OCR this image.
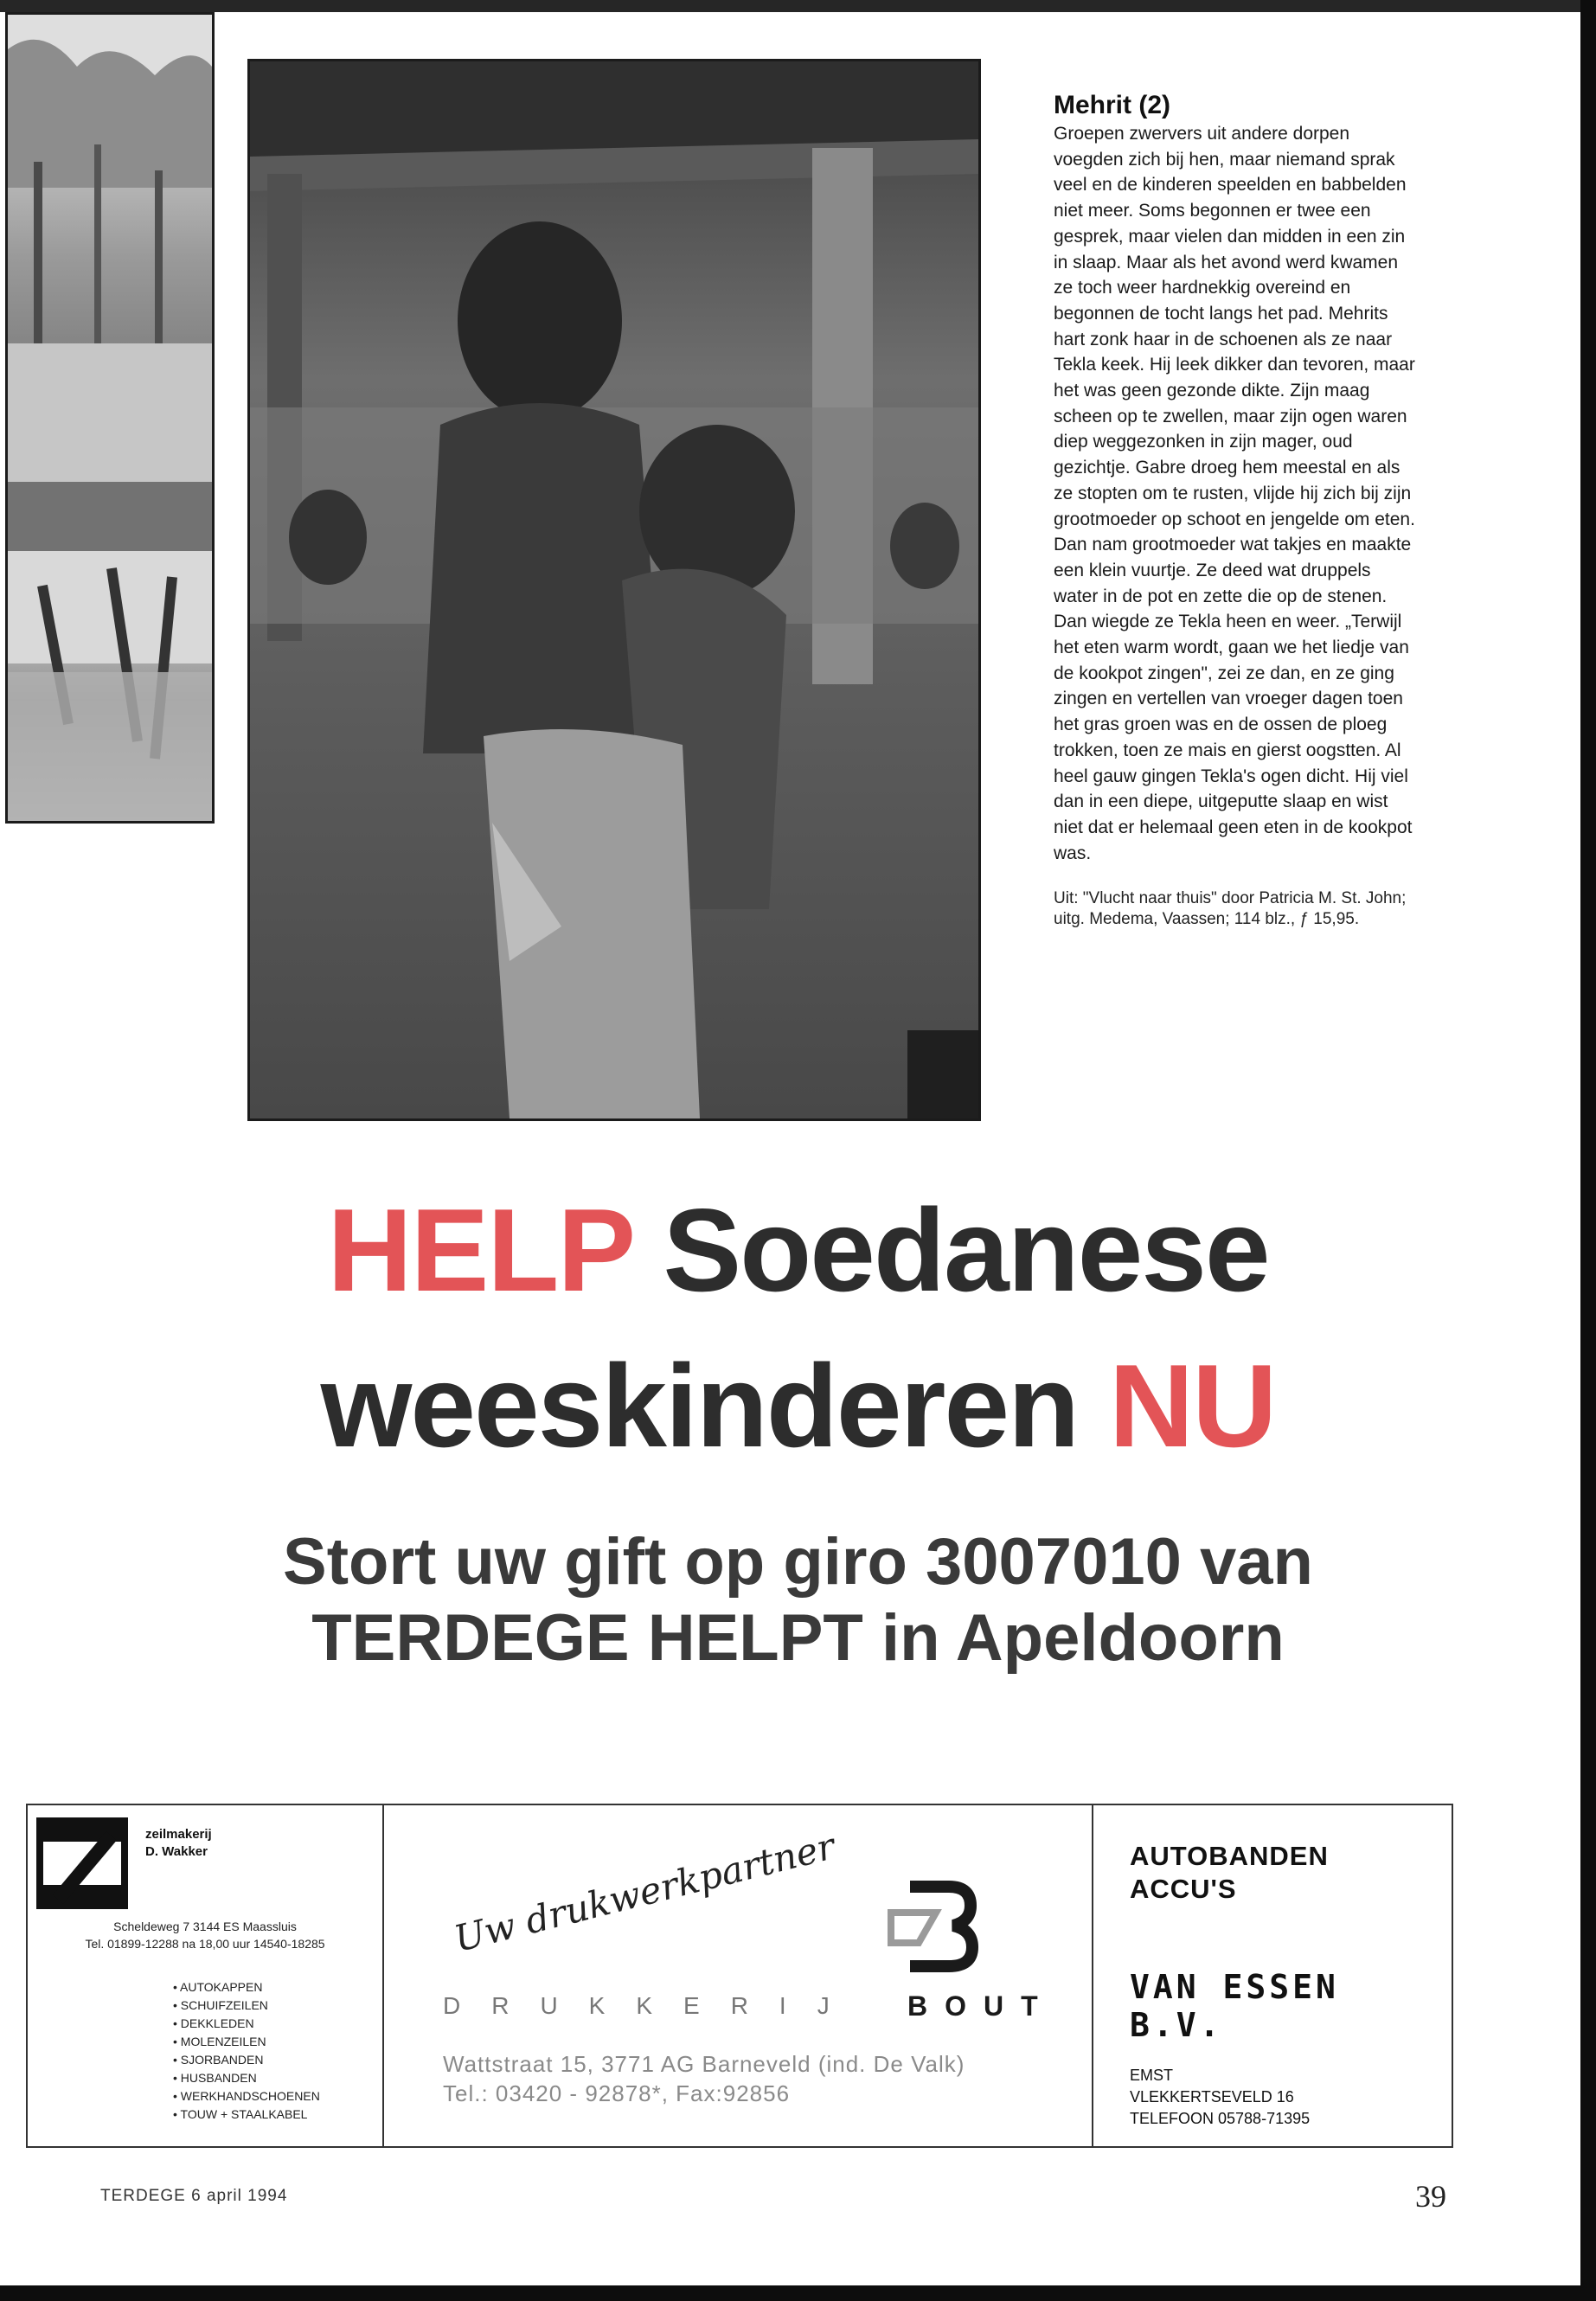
Mehrit (2)

Groepen zwervers uit andere dorpen voegden zich bij hen, maar niemand sprak veel en de kinderen speelden en babbelden niet meer. Soms begonnen er twee een gesprek, maar vielen dan midden in een zin in slaap. Maar als het avond werd kwamen ze toch weer hardnekkig overeind en begonnen de tocht langs het pad. Mehrits hart zonk haar in de schoenen als ze naar Tekla keek. Hij leek dikker dan tevoren, maar het was geen gezonde dikte. Zijn maag scheen op te zwellen, maar zijn ogen waren diep weggezonken in zijn mager, oud gezichtje. Gabre droeg hem meestal en als ze stopten om te rusten, vlijde hij zich bij zijn grootmoeder op schoot en jengelde om eten. Dan nam grootmoeder wat takjes en maakte een klein vuurtje. Ze deed wat druppels water in de pot en zette die op de stenen. Dan wiegde ze Tekla heen en weer. „Terwijl het eten warm wordt, gaan we het liedje van de kookpot zingen", zei ze dan, en ze ging zingen en vertellen van vroeger dagen toen het gras groen was en de ossen de ploeg trokken, toen ze mais en gierst oogstten. Al heel gauw gingen Tekla's ogen dicht. Hij viel dan in een diepe, uitgeputte slaap en wist niet dat er helemaal geen eten in de kookpot was.

Uit: "Vlucht naar thuis" door Patricia M. St. John; uitg. Medema, Vaassen; 114 blz., ƒ 15,95.
HELP Soedanese
weeskinderen NU
Stort uw gift op giro 3007010 van
TERDEGE HELPT in Apeldoorn
zeilmakerij
D. Wakker
Scheldeweg 7 3144 ES Maassluis
Tel. 01899-12288 na 18,00 uur 14540-18285
• AUTOKAPPEN
• SCHUIFZEILEN
• DEKKLEDEN
• MOLENZEILEN
• SJORBANDEN
• HUSBANDEN
• WERKHANDSCHOENEN
• TOUW + STAALKABEL
Uw drukwerkpartner
DRUKKERIJ BOUT
Wattstraat 15, 3771 AG Barneveld (ind. De Valk)
Tel.: 03420 - 92878*, Fax:92856
AUTOBANDEN
ACCU'S
VAN ESSEN B.V.
EMST
VLEKKERTSEVELD 16
TELEFOON 05788-71395
TERDEGE 6 april 1994	39
